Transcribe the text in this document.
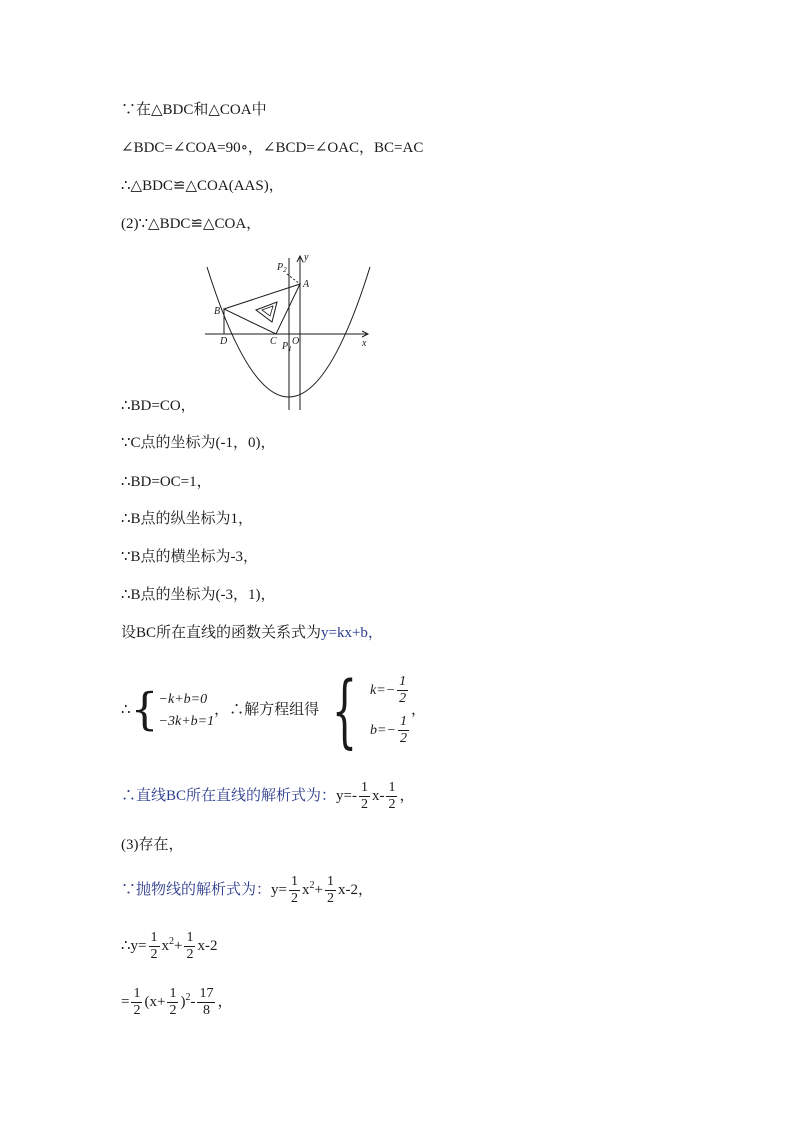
∵在△BDC和△COA中
∠BDC=∠COA=90∘，∠BCD=∠OAC，BC=AC
∴△BDC≌△COA(AAS)，
(2)∵△BDC≌△COA，
y
x
A
B
C
D	O
$P_1$
$P_2$
∴BD=CO，
∵C点的坐标为(-1，0)，
∴BD=OC=1，
∴B点的纵坐标为1，
∵B点的横坐标为-3，
∴B点的坐标为(-3，1)，
设BC所在直线的函数关系式为y=kx+b，
∴{ −k+b=0
−3k+b=1
，∴解方程组得 { $k=- \frac{1}{2}$
$b=- \frac{1}{2}$
，
∴直线BC所在直线的解析式为：$y=- \frac{1}{2} x- \frac{1}{2}$ ，
(3)存在，
∵抛物线的解析式为：$y= \frac{1}{2} x^2+ \frac{1}{2} x-2$，
∴y= $\frac{1}{2} x^2+ \frac{1}{2} x-2$
= $\frac{1}{2} (x+ \frac{1}{2} )^2- \frac{17}{8}$ ，
